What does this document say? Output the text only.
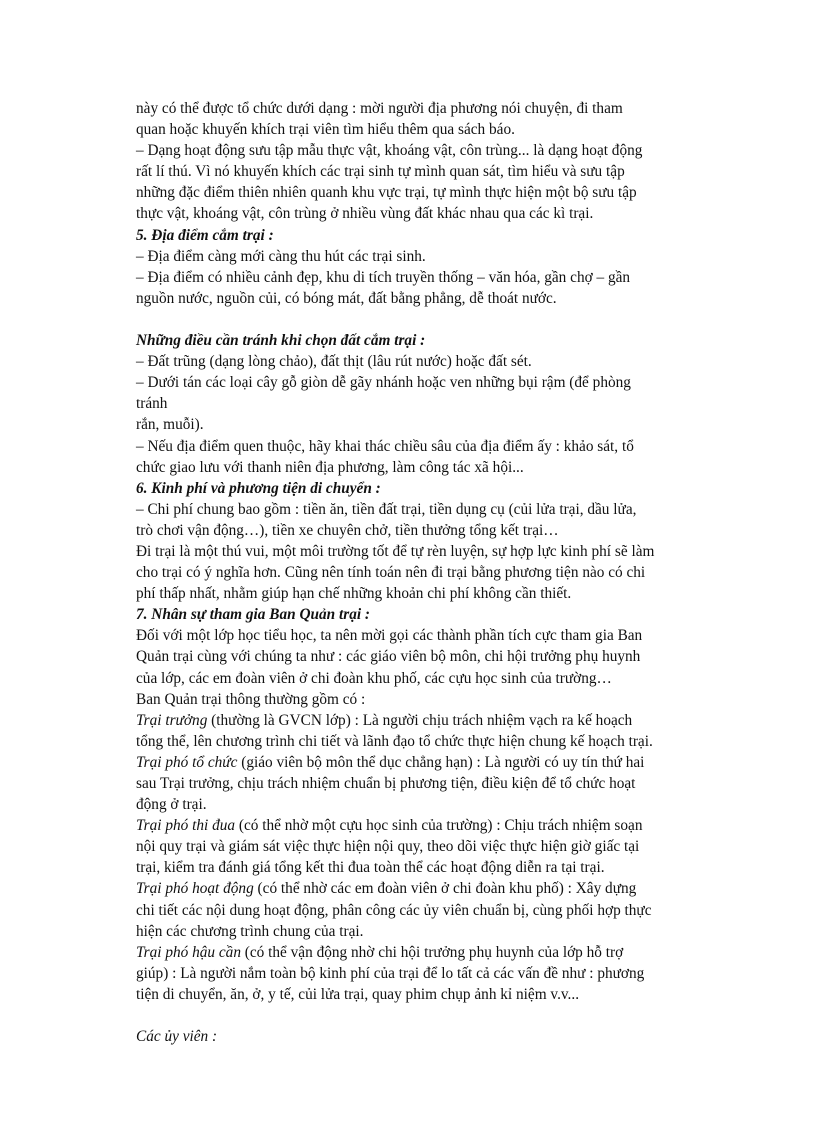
này có thể được tổ chức dưới dạng : mời người địa phương nói chuyện, đi tham
quan hoặc khuyến khích trại viên tìm hiểu thêm qua sách báo.
– Dạng hoạt động sưu tập mẫu thực vật, khoáng vật, côn trùng... là dạng hoạt động
rất lí thú. Vì nó khuyến khích các trại sinh tự mình quan sát, tìm hiểu và sưu tập
những đặc điểm thiên nhiên quanh khu vực trại, tự mình thực hiện một bộ sưu tập
thực vật, khoáng vật, côn trùng ở nhiều vùng đất khác nhau qua các kì trại.
5. Địa điểm cắm trại :
– Địa điểm càng mới càng thu hút các trại sinh.
– Địa điểm có nhiều cảnh đẹp, khu di tích truyền thống – văn hóa, gần chợ – gần
nguồn nước, nguồn củi, có bóng mát, đất bằng phẳng, dễ thoát nước.
Những điều cần tránh khi chọn đất cắm trại :
– Đất trũng (dạng lòng chảo), đất thịt (lâu rút nước) hoặc đất sét.
– Dưới tán các loại cây gỗ giòn dễ gãy nhánh hoặc ven những bụi rậm (để phòng
tránh
rắn, muỗi).
– Nếu địa điểm quen thuộc, hãy khai thác chiều sâu của địa điểm ấy : khảo sát, tổ
chức giao lưu với thanh niên địa phương, làm công tác xã hội...
6. Kinh phí và phương tiện di chuyển :
– Chi phí chung bao gồm : tiền ăn, tiền đất trại, tiền dụng cụ (củi lửa trại, dầu lửa,
trò chơi vận động…), tiền xe chuyên chở, tiền thưởng tổng kết trại…
Đi trại là một thú vui, một môi trường tốt để tự rèn luyện, sự hợp lực kinh phí sẽ làm
cho trại có ý nghĩa hơn. Cũng nên tính toán nên đi trại bằng phương tiện nào có chi
phí thấp nhất, nhằm giúp hạn chế những khoản chi phí không cần thiết.
7. Nhân sự tham gia Ban Quản trại :
Đối với một lớp học tiểu học, ta nên mời gọi các thành phần tích cực tham gia Ban
Quản trại cùng với chúng ta như : các giáo viên bộ môn, chi hội trưởng phụ huynh
của lớp, các em đoàn viên ở chi đoàn khu phố, các cựu học sinh của trường…
Ban Quản trại thông thường gồm có :
Trại trưởng (thường là GVCN lớp) : Là người chịu trách nhiệm vạch ra kế hoạch
tổng thể, lên chương trình chi tiết và lãnh đạo tổ chức thực hiện chung kế hoạch trại.
Trại phó tổ chức (giáo viên bộ môn thể dục chẳng hạn) : Là người có uy tín thứ hai
sau Trại trưởng, chịu trách nhiệm chuẩn bị phương tiện, điều kiện để tổ chức hoạt
động ở trại.
Trại phó thi đua (có thể nhờ một cựu học sinh của trường) : Chịu trách nhiệm soạn
nội quy trại và giám sát việc thực hiện nội quy, theo dõi việc thực hiện giờ giấc tại
trại, kiểm tra đánh giá tổng kết thi đua toàn thể các hoạt động diễn ra tại trại.
Trại phó hoạt động (có thể nhờ các em đoàn viên ở chi đoàn khu phố) : Xây dựng
chi tiết các nội dung hoạt động, phân công các ủy viên chuẩn bị, cùng phối hợp thực
hiện các chương trình chung của trại.
Trại phó hậu cần (có thể vận động nhờ chi hội trưởng phụ huynh của lớp hỗ trợ
giúp) : Là người nắm toàn bộ kinh phí của trại để lo tất cả các vấn đề như : phương
tiện di chuyển, ăn, ở, y tế, củi lửa trại, quay phim chụp ảnh kỉ niệm v.v...
Các ủy viên :
